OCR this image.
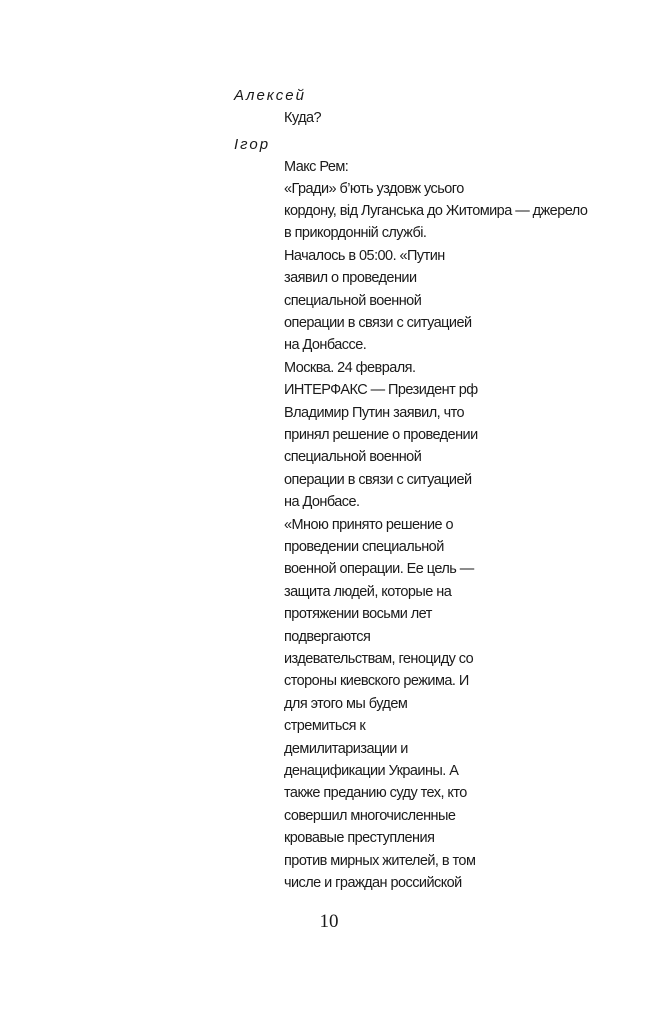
Алексей
Куда?
Ігор
Макс Рем:
«Гради» б’ють уздовж усього
кордону, від Луганська до Житомира — джерело
в прикордонній службі.
Началось в 05:00. «Путин
заявил о проведении
специальной военной
операции в связи с ситуацией
на Донбассе.
Москва. 24 февраля.
ИНТЕРФАКС — Президент рф
Владимир Путин заявил, что
принял решение о проведении
специальной военной
операции в связи с ситуацией
на Донбасе.
«Мною принято решение о
проведении специальной
военной операции. Ее цель —
защита людей, которые на
протяжении восьми лет
подвергаются
издевательствам, геноциду со
стороны киевского режима. И
для этого мы будем
стремиться к
демилитаризации и
денацификации Украины. А
также преданию суду тех, кто
совершил многочисленные
кровавые преступления
против мирных жителей, в том
числе и граждан российской
10
